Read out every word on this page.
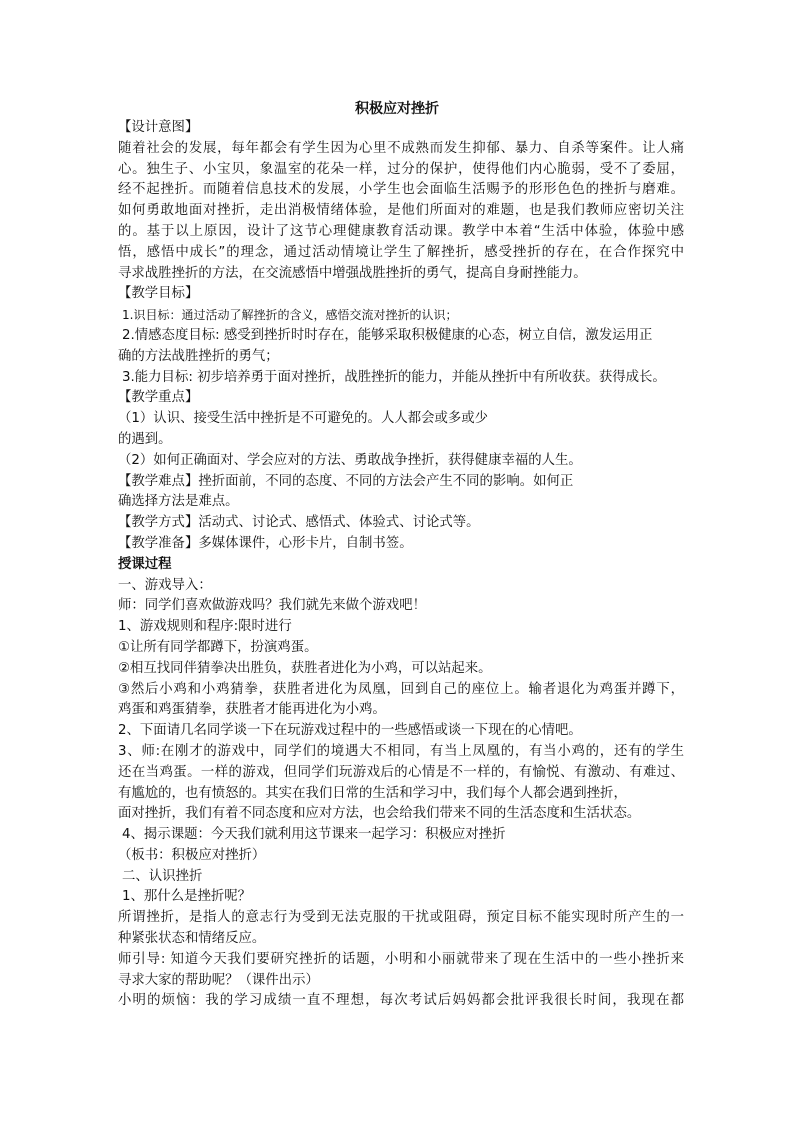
积极应对挫折
【设计意图】
随着社会的发展，每年都会有学生因为心里不成熟而发生抑郁、暴力、自杀等案件。让人痛
心。独生子、小宝贝，象温室的花朵一样，过分的保护，使得他们内心脆弱，受不了委屈，
经不起挫折。而随着信息技术的发展，小学生也会面临生活赐予的形形色色的挫折与磨难。
如何勇敢地面对挫折，走出消极情绪体验，是他们所面对的难题，也是我们教师应密切关注
的。基于以上原因，设计了这节心理健康教育活动课。教学中本着“生活中体验，体验中感
悟，感悟中成长”的理念，通过活动情境让学生了解挫折，感受挫折的存在，在合作探究中
寻求战胜挫折的方法，在交流感悟中增强战胜挫折的勇气，提高自身耐挫能力。
【教学目标】
1.识目标：通过活动了解挫折的含义，感悟交流对挫折的认识；
2.情感态度目标: 感受到挫折时时存在，能够采取积极健康的心态，树立自信，激发运用正
确的方法战胜挫折的勇气；
3.能力目标: 初步培养勇于面对挫折，战胜挫折的能力，并能从挫折中有所收获。获得成长。
【教学重点】
（1）认识、接受生活中挫折是不可避免的。人人都会或多或少
的遇到。
（2）如何正确面对、学会应对的方法、勇敢战争挫折，获得健康幸福的人生。
【教学难点】挫折面前，不同的态度、不同的方法会产生不同的影响。如何正
确选择方法是难点。
【教学方式】活动式、讨论式、感悟式、体验式、讨论式等。
【教学准备】多媒体课件，心形卡片，自制书签。
授课过程
一、游戏导入：
师：同学们喜欢做游戏吗？我们就先来做个游戏吧！
1、游戏规则和程序:限时进行
①让所有同学都蹲下，扮演鸡蛋。
②相互找同伴猜拳决出胜负，获胜者进化为小鸡，可以站起来。
③然后小鸡和小鸡猜拳，获胜者进化为凤凰，回到自己的座位上。输者退化为鸡蛋并蹲下，
鸡蛋和鸡蛋猜拳，获胜者才能再进化为小鸡。
2、下面请几名同学谈一下在玩游戏过程中的一些感悟或谈一下现在的心情吧。
3、师:在刚才的游戏中，同学们的境遇大不相同，有当上凤凰的，有当小鸡的，还有的学生
还在当鸡蛋。一样的游戏，但同学们玩游戏后的心情是不一样的，有愉悦、有激动、有难过、
有尴尬的，也有愤怒的。其实在我们日常的生活和学习中，我们每个人都会遇到挫折，
面对挫折，我们有着不同态度和应对方法，也会给我们带来不同的生活态度和生活状态。
4、揭示课题：今天我们就利用这节课来一起学习：积极应对挫折
（板书：积极应对挫折）
二、认识挫折
1、那什么是挫折呢？
所谓挫折，是指人的意志行为受到无法克服的干扰或阻碍，预定目标不能实现时所产生的一
种紧张状态和情绪反应。
师引导: 知道今天我们要研究挫折的话题，小明和小丽就带来了现在生活中的一些小挫折来
寻求大家的帮助呢？（课件出示）
小明的烦恼：我的学习成绩一直不理想，每次考试后妈妈都会批评我很长时间，我现在都
